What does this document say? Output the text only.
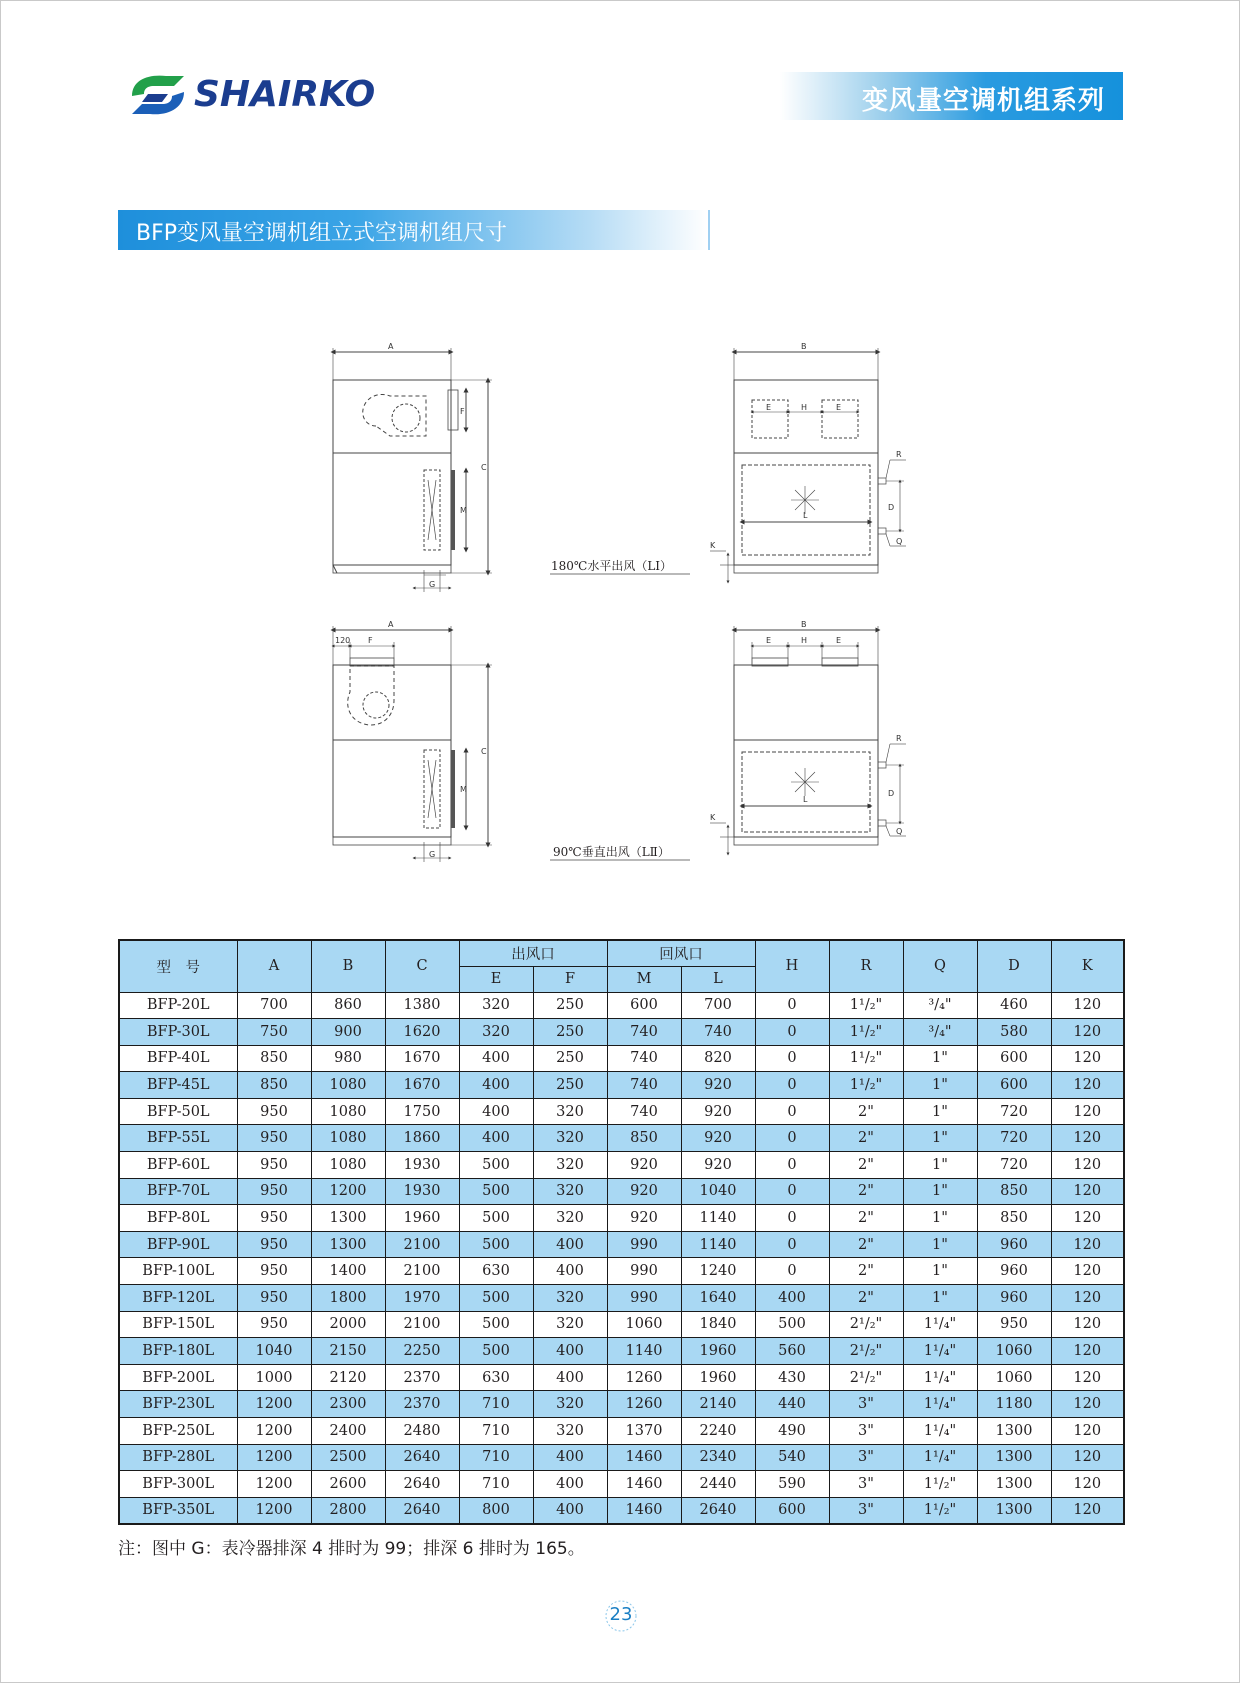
SHAIRKO	变风量空调机组系列
BFP变风量空调机组立式空调机组尺寸
A
C
F
M
G
B
E	H	E
L
R
D
Q
K
180℃水平出风（LⅠ）
A
120 F
C
M
G
B
E	H	E
L
R
D
Q
K
90℃垂直出风（LⅡ）
型　号	A	B	C	出风口		回风口		H	R	Q	D	K
				E	F	M	L					
BFP-20L	700	860	1380	320	250	600	700	0	1¹/₂"	³/₄"	460	120
BFP-30L	750	900	1620	320	250	740	740	0	1¹/₂"	³/₄"	580	120
BFP-40L	850	980	1670	400	250	740	820	0	1¹/₂"	1"	600	120
BFP-45L	850	1080	1670	400	250	740	920	0	1¹/₂"	1"	600	120
BFP-50L	950	1080	1750	400	320	740	920	0	2"	1"	720	120
BFP-55L	950	1080	1860	400	320	850	920	0	2"	1"	720	120
BFP-60L	950	1080	1930	500	320	920	920	0	2"	1"	720	120
BFP-70L	950	1200	1930	500	320	920	1040	0	2"	1"	850	120
BFP-80L	950	1300	1960	500	320	920	1140	0	2"	1"	850	120
BFP-90L	950	1300	2100	500	400	990	1140	0	2"	1"	960	120
BFP-100L	950	1400	2100	630	400	990	1240	0	2"	1"	960	120
BFP-120L	950	1800	1970	500	320	990	1640	400	2"	1"	960	120
BFP-150L	950	2000	2100	500	320	1060	1840	500	2¹/₂"	1¹/₄"	950	120
BFP-180L	1040	2150	2250	500	400	1140	1960	560	2¹/₂"	1¹/₄"	1060	120
BFP-200L	1000	2120	2370	630	400	1260	1960	430	2¹/₂"	1¹/₄"	1060	120
BFP-230L	1200	2300	2370	710	320	1260	2140	440	3"	1¹/₄"	1180	120
BFP-250L	1200	2400	2480	710	320	1370	2240	490	3"	1¹/₄"	1300	120
BFP-280L	1200	2500	2640	710	400	1460	2340	540	3"	1¹/₄"	1300	120
BFP-300L	1200	2600	2640	710	400	1460	2440	590	3"	1¹/₂"	1300	120
BFP-350L	1200	2800	2640	800	400	1460	2640	600	3"	1¹/₂"	1300	120
注：图中 G：表冷器排深 4 排时为 99；排深 6 排时为 165。
23
